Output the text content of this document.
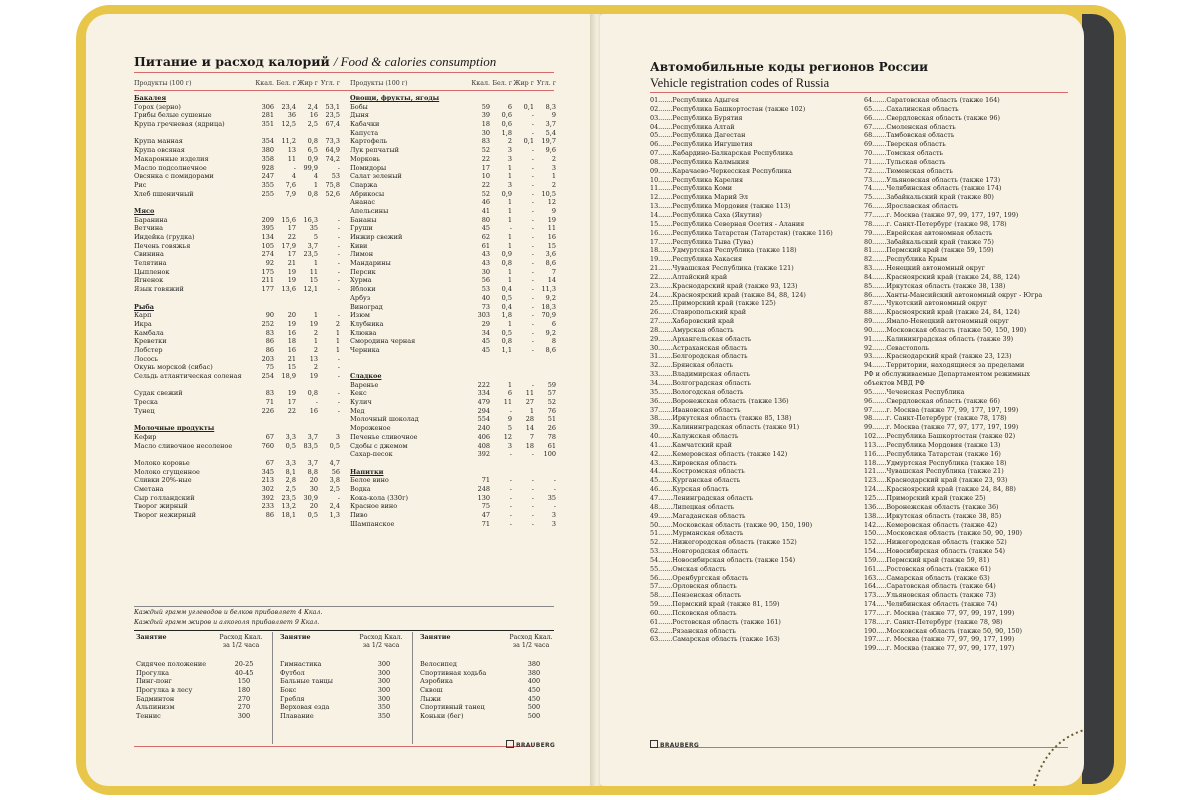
Питание и расход калорий / Food & calories consumption
Продукты (100 г)	Ккал. Бел. г Жир г Угл. г Продукты (100 г)	Ккал. Бел. г Жир г Угл. г
Бакалея
Горох (зерно)	306	23,4	2,4	53,1
Грибы белые сушеные	281	36	16	23,5
Крупа гречневая (ядрица)	351	12,5	2,5	67,4
Крупа манная	354	11,2	0,8	73,3
Крупа овсяная	380	13	6,5	64,9
Макаронные изделия	358	11	0,9	74,2
Масло подсолнечное	928	-	99,9	-
Овсянка с помидорами	247	4	4	53
Рис	355	7,6	1	75,8
Хлеб пшеничный	255	7,9	0,8	52,6
Мясо
Баранина	209	15,6	16,3	-
Ветчина	395	17	35	-
Индейка (грудка)	134	22	5	-
Печень говяжья	105	17,9	3,7	-
Свинина	274	17	23,5	-
Телятина	92	21	1	-
Цыпленок	175	19	11	-
Ягненок	211	19	15	-
Язык говяжий	177	13,6	12,1	-
Рыба
Карп	90	20	1	-
Икра	252	19	19	2
Камбала	83	16	2	1
Креветки	86	18	1	1
Лобстер	86	16	2	1
Лосось	203	21	13	-
Окунь морской (сибас)	75	15	2	-
Сельдь атлантическая соленая	254	18,9	19	-
Судак свежий	83	19	0,8	-
Треска	71	17	-	-
Тунец	226	22	16	-
Молочные продукты
Кефир	67	3,3	3,7	3
Масло сливочное несоленое	760	0,5	83,5	0,5
Молоко коровье	67	3,3	3,7	4,7
Молоко сгущенное	345	8,1	8,8	56
Сливки 20%-ные	213	2,8	20	3,8
Сметана	302	2,5	30	2,5
Сыр голландский	392	23,5	30,9	-
Творог жирный	233	13,2	20	2,4
Творог нежирный	86	18,1	0,5	1,3
Овощи, фрукты, ягоды
Бобы	59	6	0,1	8,3
Дыня	39	0,6	-	9
Кабачки	18	0,6	-	3,7
Капуста	30	1,8	-	5,4
Картофель	83	2	0,1	19,7
Лук репчатый	52	3	-	9,6
Морковь	22	3	-	2
Помидоры	17	1	-	3
Салат зеленый	10	1	-	1
Спаржа	22	3	-	2
Абрикосы	52	0,9	-	10,5
Ананас	46	1	-	12
Апельсины	41	1	-	9
Бананы	80	1	-	19
Груши	45	-	-	11
Инжир свежий	62	1	-	16
Киви	61	1	-	15
Лимон	43	0,9	-	3,6
Мандарины	43	0,8	-	8,6
Персик	30	1	-	7
Хурма	56	1	-	14
Яблоки	53	0,4	-	11,3
Арбуз	40	0,5	-	9,2
Виноград	73	0,4	-	18,3
Изюм	303	1,8	-	70,9
Клубника	29	1	-	6
Клюква	34	0,5	-	9,2
Смородина черная	45	0,8	-	8
Черника	45	1,1	-	8,6
Сладкое
Варенье	222	1	-	59
Кекс	334	6	11	57
Кулич	479	11	27	52
Мед	294	-	1	76
Молочный шоколад	554	9	28	51
Мороженое	240	5	14	26
Печенье сливочное	406	12	7	78
Сдобы с джемом	408	3	18	61
Сахар-песок	392	-	-	100
Напитки
Белое вино	71	-	-	-
Водка	248	-	-	-
Кока-кола (330г)	130	-	-	35
Красное вино	75	-	-	-
Пиво	47	-	-	3
Шампанское	71	-	-	3
Каждый грамм углеводов и белков прибавляет 4 Ккал.
Каждый грамм жиров и алкоголя прибавляет 9 Ккал.
Занятие	Расход Ккал. за 1/2 часа
Сидячее положение	20-25
Прогулка	40-45
Пинг-понг	150
Прогулка в лесу	180
Бадминтон	270
Альпинизм	270
Теннис	300
Занятие	Расход Ккал. за 1/2 часа
Гимнастика	300
Футбол	300
Бальные танцы	300
Бокс	300
Гребля	300
Верховая езда	350
Плавание	350
Занятие	Расход Ккал. за 1/2 часа
Велосипед	380
Спортивная ходьба	380
Аэробика	400
Сквош	450
Лыжи	450
Спортивный танец	500
Коньки (бег)	500
BRAUBERG
Автомобильные коды регионов России
Vehicle registration codes of Russia
01.......Республика Адыгея
02.......Республика Башкортостан (также 102)
03.......Республика Бурятия
04.......Республика Алтай
05.......Республика Дагестан
06.......Республика Ингушетия
07.......Кабардино-Балкарская Республика
08.......Республика Калмыкия
09.......Карачаево-Черкесская Республика
10.......Республика Карелия
11.......Республика Коми
12.......Республика Марий Эл
13.......Республика Мордовия (также 113)
14.......Республика Саха (Якутия)
15.......Республика Северная Осетия - Алания
16.......Республика Татарстан (Татарстан) (также 116)
17.......Республика Тыва (Тува)
18.......Удмуртская Республика (также 118)
19.......Республика Хакасия
21.......Чувашская Республика (также 121)
22.......Алтайский край
23.......Краснодарский край (также 93, 123)
24.......Красноярский край (также 84, 88, 124)
25.......Приморский край (также 125)
26.......Ставропольский край
27.......Хабаровский край
28.......Амурская область
29.......Архангельская область
30.......Астраханская область
31.......Белгородская область
32.......Брянская область
33.......Владимирская область
34.......Волгоградская область
35.......Вологодская область
36.......Воронежская область (также 136)
37.......Ивановская область
38.......Иркутская область (также 85, 138)
39.......Калининградская область (также 91)
40.......Калужская область
41.......Камчатский край
42.......Кемеровская область (также 142)
43.......Кировская область
44.......Костромская область
45.......Курганская область
46.......Курская область
47.......Ленинградская область
48.......Липецкая область
49.......Магаданская область
50.......Московская область (также 90, 150, 190)
51.......Мурманская область
52.......Нижегородская область (также 152)
53.......Новгородская область
54.......Новосибирская область (также 154)
55.......Омская область
56.......Оренбургская область
57.......Орловская область
58.......Пензенская область
59.......Пермский край (также 81, 159)
60.......Псковская область
61.......Ростовская область (также 161)
62.......Рязанская область
63.......Самарская область (также 163)
64.......Саратовская область (также 164)
65.......Сахалинская область
66.......Свердловская область (также 96)
67.......Смоленская область
68.......Тамбовская область
69.......Тверская область
70.......Томская область
71.......Тульская область
72.......Тюменская область
73.......Ульяновская область (также 173)
74.......Челябинская область (также 174)
75.......Забайкальский край (также 80)
76.......Ярославская область
77.......г. Москва (также 97, 99, 177, 197, 199)
78.......г. Санкт-Петербург (также 98, 178)
79.......Еврейская автономная область
80.......Забайкальский край (также 75)
81.......Пермский край (также 59, 159)
82.......Республика Крым
83.......Ненецкий автономный округ
84.......Красноярский край (также 24, 88, 124)
85.......Иркутская область (также 38, 138)
86.......Ханты-Мансийский автономный округ - Югра
87.......Чукотский автономный округ
88.......Красноярский край (также 24, 84, 124)
89.......Ямало-Ненецкий автономный округ
90.......Московская область (также 50, 150, 190)
91.......Калининградская область (также 39)
92.......Севастополь
93.......Краснодарский край (также 23, 123)
94.......Территории, находящиеся за пределами
РФ и обслуживаемые Департаментом режимных
объектов МВД РФ
95.......Чеченская Республика
96.......Свердловская область (также 66)
97.......г. Москва (также 77, 99, 177, 197, 199)
98.......г. Санкт-Петербург (также 78, 178)
99.......г. Москва (также 77, 97, 177, 197, 199)
102.....Республика Башкортостан (также 02)
113.....Республика Мордовия (также 13)
116.....Республика Татарстан (также 16)
118.....Удмуртская Республика (также 18)
121.....Чувашская Республика (также 21)
123.....Краснодарский край (также 23, 93)
124.....Красноярский край (также 24, 84, 88)
125.....Приморский край (также 25)
136.....Воронежская область (также 36)
138.....Иркутская область (также 38, 85)
142.....Кемеровская область (также 42)
150.....Московская область (также 50, 90, 190)
152.....Нижегородская область (также 52)
154.....Новосибирская область (также 54)
159.....Пермский край (также 59, 81)
161.....Ростовская область (также 61)
163.....Самарская область (также 63)
164.....Саратовская область (также 64)
173.....Ульяновская область (также 73)
174.....Челябинская область (также 74)
177.....г. Москва (также 77, 97, 99, 197, 199)
178.....г. Санкт-Петербург (также 78, 98)
190.....Московская область (также 50, 90, 150)
197.....г. Москва (также 77, 97, 99, 177, 199)
199.....г. Москва (также 77, 97, 99, 177, 197)
BRAUBERG
